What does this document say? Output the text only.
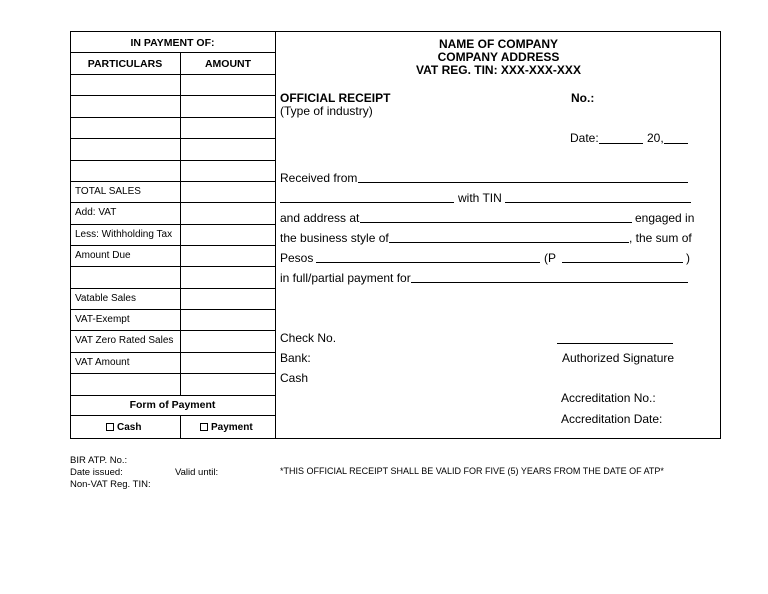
IN PAYMENT OF:
PARTICULARS	AMOUNT
TOTAL SALES
Add: VAT
Less: Withholding Tax
Amount Due
Vatable Sales
VAT-Exempt
VAT Zero Rated Sales
VAT Amount
Form of Payment
Cash	Payment
NAME OF COMPANY
COMPANY ADDRESS
VAT REG. TIN: XXX-XXX-XXX
OFFICIAL RECEIPT
(Type of industry)
No.:
Date:	20,
Received from
with TIN
and address at	engaged in
the business style of	, the sum of
Pesos	(P	)
in full/partial payment for
Check No.
Bank:
Cash
Authorized Signature
Accreditation No.:
Accreditation Date:
BIR ATP. No.:
Date issued:	Valid until:
Non-VAT Reg. TIN:
*THIS OFFICIAL RECEIPT SHALL BE VALID FOR FIVE (5) YEARS FROM THE DATE OF ATP*
